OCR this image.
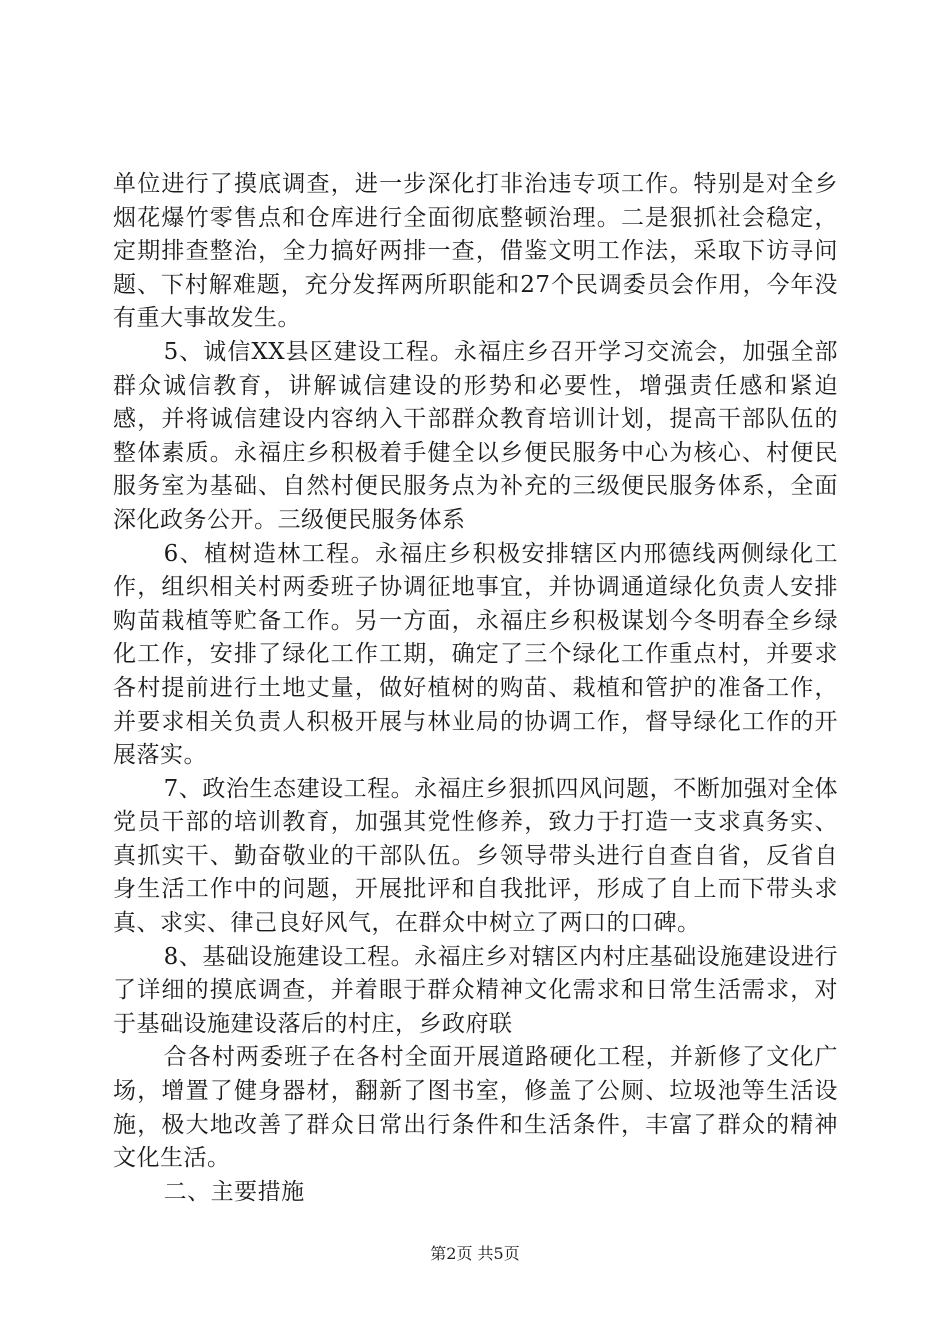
单位进行了摸底调查，进一步深化打非治违专项工作。特别是对全乡烟花爆竹零售点和仓库进行全面彻底整顿治理。二是狠抓社会稳定，定期排查整治，全力搞好两排一查，借鉴文明工作法，采取下访寻问题、下村解难题，充分发挥两所职能和27个民调委员会作用，今年没有重大事故发生。

5、诚信XX县区建设工程。永福庄乡召开学习交流会，加强全部群众诚信教育，讲解诚信建设的形势和必要性，增强责任感和紧迫感，并将诚信建设内容纳入干部群众教育培训计划，提高干部队伍的整体素质。永福庄乡积极着手健全以乡便民服务中心为核心、村便民服务室为基础、自然村便民服务点为补充的三级便民服务体系，全面深化政务公开。三级便民服务体系

6、植树造林工程。永福庄乡积极安排辖区内邢德线两侧绿化工作，组织相关村两委班子协调征地事宜，并协调通道绿化负责人安排购苗栽植等贮备工作。另一方面，永福庄乡积极谋划今冬明春全乡绿化工作，安排了绿化工作工期，确定了三个绿化工作重点村，并要求各村提前进行土地丈量，做好植树的购苗、栽植和管护的准备工作，并要求相关负责人积极开展与林业局的协调工作，督导绿化工作的开展落实。

7、政治生态建设工程。永福庄乡狠抓四风问题，不断加强对全体党员干部的培训教育，加强其党性修养，致力于打造一支求真务实、真抓实干、勤奋敬业的干部队伍。乡领导带头进行自查自省，反省自身生活工作中的问题，开展批评和自我批评，形成了自上而下带头求真、求实、律己良好风气，在群众中树立了两口的口碑。

8、基础设施建设工程。永福庄乡对辖区内村庄基础设施建设进行了详细的摸底调查，并着眼于群众精神文化需求和日常生活需求，对于基础设施建设落后的村庄，乡政府联

合各村两委班子在各村全面开展道路硬化工程，并新修了文化广场，增置了健身器材，翻新了图书室，修盖了公厕、垃圾池等生活设施，极大地改善了群众日常出行条件和生活条件，丰富了群众的精神文化生活。

二、主要措施

第2页 共5页
